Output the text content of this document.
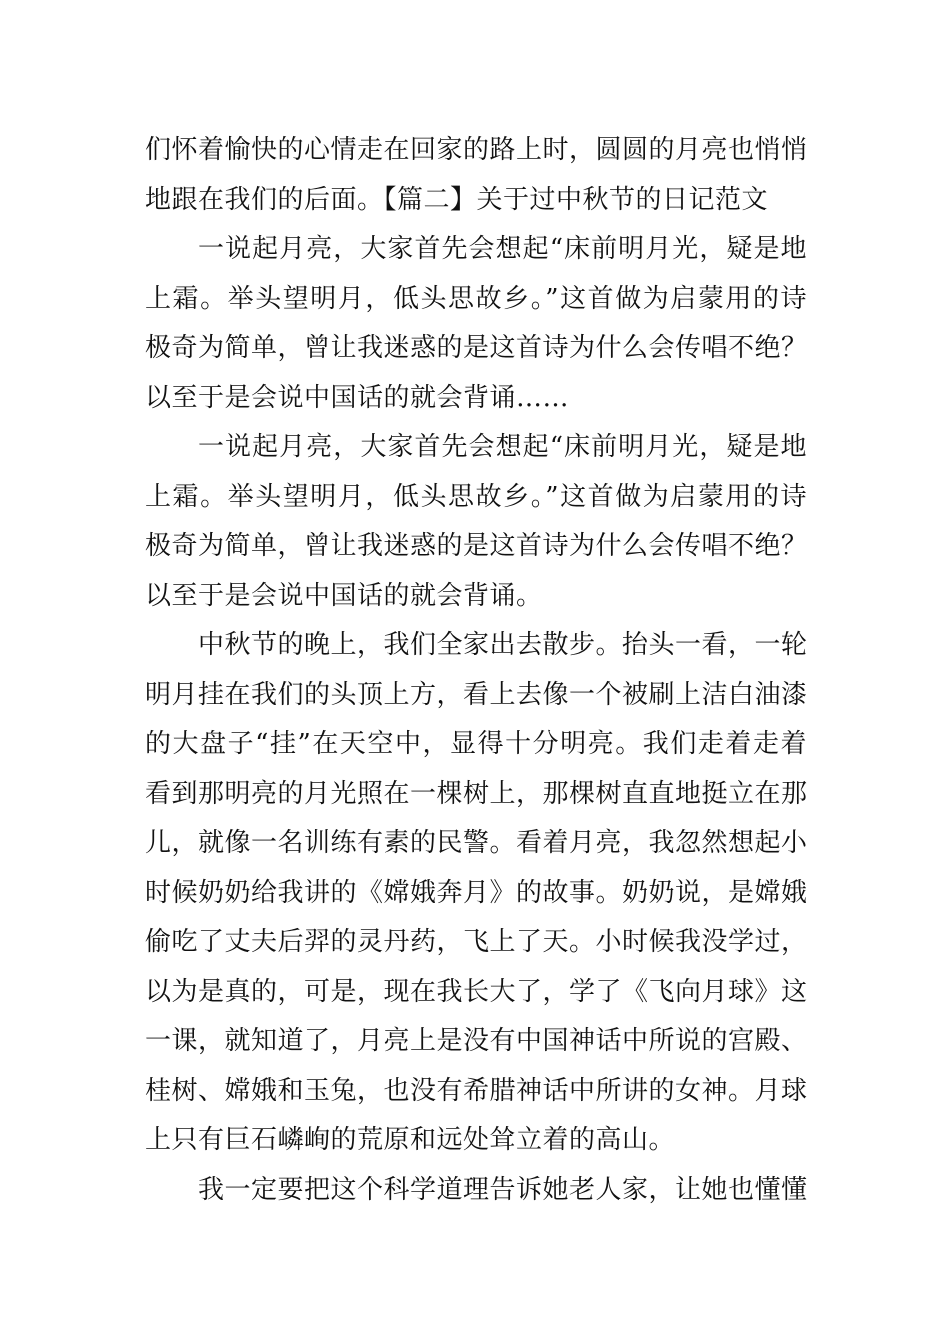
们怀着愉快的心情走在回家的路上时，圆圆的月亮也悄悄
地跟在我们的后面。【篇二】关于过中秋节的日记范文
一说起月亮，大家首先会想起“床前明月光，疑是地
上霜。举头望明月，低头思故乡。”这首做为启蒙用的诗
极奇为简单，曾让我迷惑的是这首诗为什么会传唱不绝？
以至于是会说中国话的就会背诵……
一说起月亮，大家首先会想起“床前明月光，疑是地
上霜。举头望明月，低头思故乡。”这首做为启蒙用的诗
极奇为简单，曾让我迷惑的是这首诗为什么会传唱不绝？
以至于是会说中国话的就会背诵。
中秋节的晚上，我们全家出去散步。抬头一看，一轮
明月挂在我们的头顶上方，看上去像一个被刷上洁白油漆
的大盘子“挂”在天空中，显得十分明亮。我们走着走着
看到那明亮的月光照在一棵树上，那棵树直直地挺立在那
儿，就像一名训练有素的民警。看着月亮，我忽然想起小
时候奶奶给我讲的《嫦娥奔月》的故事。奶奶说，是嫦娥
偷吃了丈夫后羿的灵丹药，飞上了天。小时候我没学过，
以为是真的，可是，现在我长大了，学了《飞向月球》这
一课，就知道了，月亮上是没有中国神话中所说的宫殿、
桂树、嫦娥和玉兔，也没有希腊神话中所讲的女神。月球
上只有巨石嶙峋的荒原和远处耸立着的高山。
我一定要把这个科学道理告诉她老人家，让她也懂懂
